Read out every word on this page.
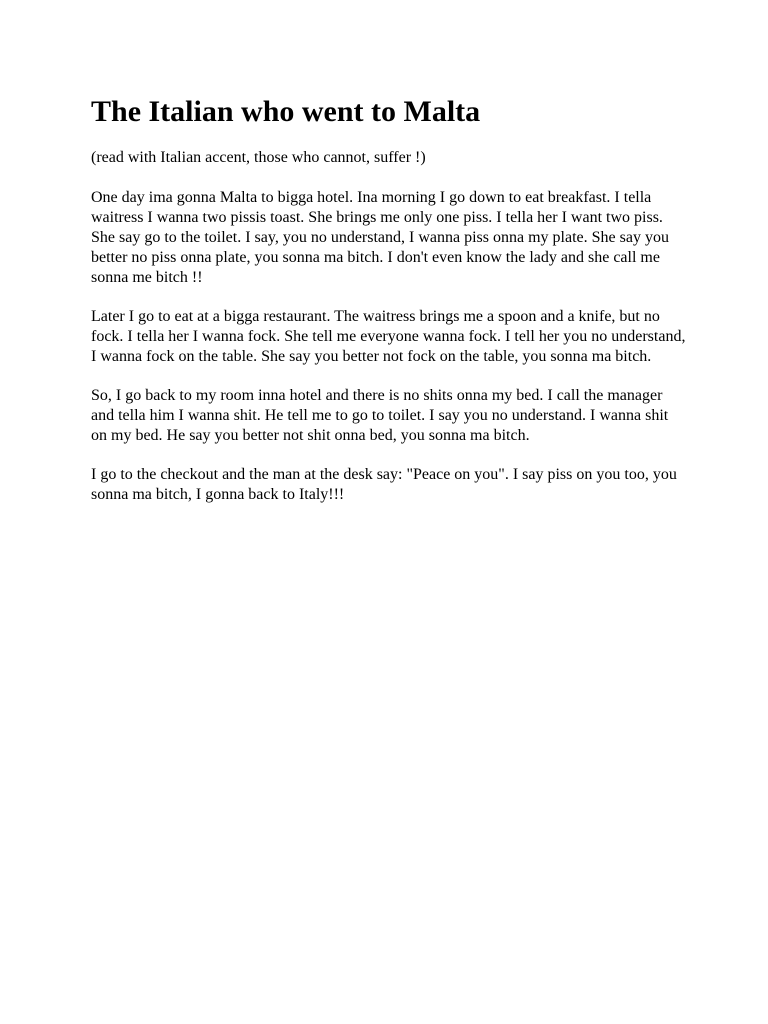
The Italian who went to Malta

(read with Italian accent, those who cannot, suffer !)

One day ima gonna Malta to bigga hotel. Ina morning I go down to eat breakfast. I tella waitress I wanna two pissis toast. She brings me only one piss. I tella her I want two piss. She say go to the toilet. I say, you no understand, I wanna piss onna my plate. She say you better no piss onna plate, you sonna ma bitch. I don't even know the lady and she call me sonna me bitch !!

Later I go to eat at a bigga restaurant. The waitress brings me a spoon and a knife, but no fock. I tella her I wanna fock. She tell me everyone wanna fock. I tell her you no understand, I wanna fock on the table. She say you better not fock on the table, you sonna ma bitch.

So, I go back to my room inna hotel and there is no shits onna my bed. I call the manager and tella him I wanna shit. He tell me to go to toilet. I say you no understand. I wanna shit on my bed. He say you better not shit onna bed, you sonna ma bitch.

I go to the checkout and the man at the desk say: "Peace on you". I say piss on you too, you sonna ma bitch, I gonna back to Italy!!!
